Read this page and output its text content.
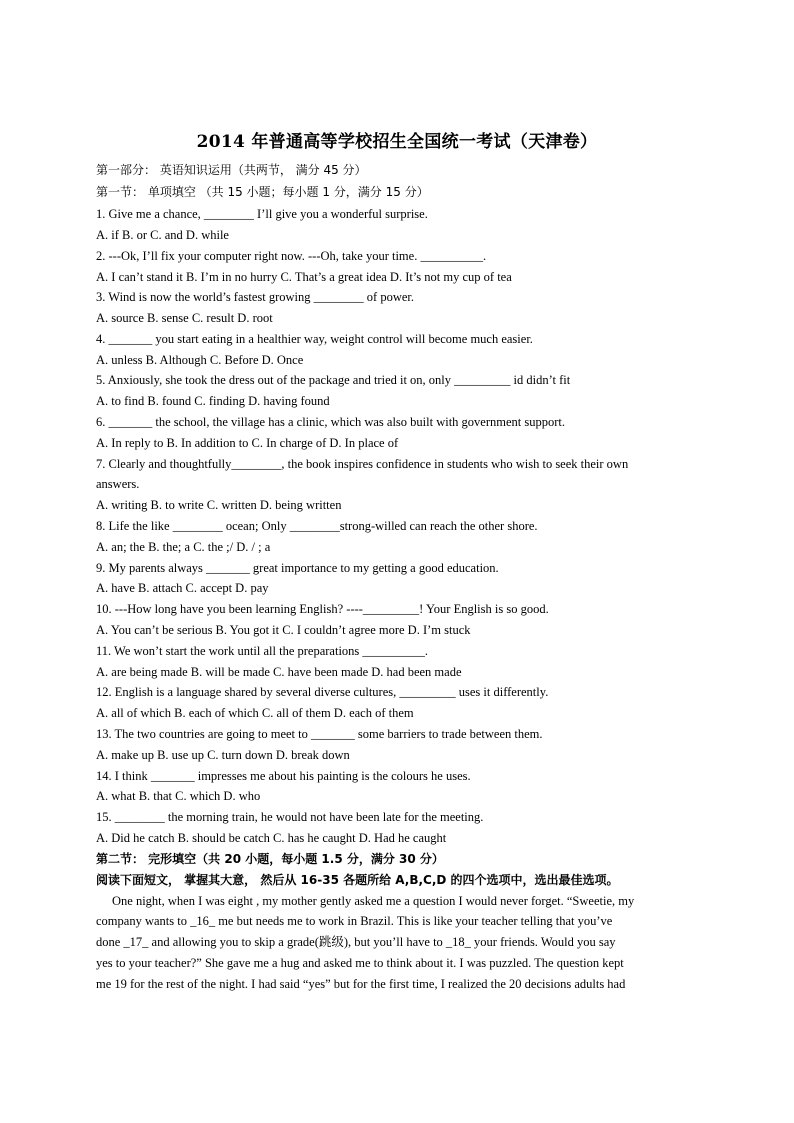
2014 年普通高等学校招生全国统一考试（天津卷）
第一部分： 英语知识运用（共两节， 满分 45 分）
第一节： 单项填空 （共 15 小题；每小题 1 分，满分 15 分）
1. Give me a chance, ________ I’ll give you a wonderful surprise.
A. if B. or C. and D. while
2. ---Ok, I’ll fix your computer right now. ---Oh, take your time. __________.
A. I can’t stand it B. I’m in no hurry C. That’s a great idea D. It’s not my cup of tea
3. Wind is now the world’s fastest growing ________ of power.
A. source B. sense C. result D. root
4. _______ you start eating in a healthier way, weight control will become much easier.
A. unless B. Although C. Before D. Once
5. Anxiously, she took the dress out of the package and tried it on, only _________ id didn’t fit
A. to find B. found C. finding D. having found
6. _______ the school, the village has a clinic, which was also built with government support.
A. In reply to B. In addition to C. In charge of D. In place of
7. Clearly and thoughtfully________, the book inspires confidence in students who wish to seek their own
answers.
A. writing B. to write C. written D. being written
8. Life the like ________ ocean; Only ________strong-willed can reach the other shore.
A. an; the B. the; a C. the ;/ D. / ; a
9. My parents always _______ great importance to my getting a good education.
A. have B. attach C. accept D. pay
10. ---How long have you been learning English? ----_________! Your English is so good.
A. You can’t be serious B. You got it C. I couldn’t agree more D. I’m stuck
11. We won’t start the work until all the preparations __________.
A. are being made B. will be made C. have been made D. had been made
12. English is a language shared by several diverse cultures, _________ uses it differently.
A. all of which B. each of which C. all of them D. each of them
13. The two countries are going to meet to _______ some barriers to trade between them.
A. make up B. use up C. turn down D. break down
14. I think _______ impresses me about his painting is the colours he uses.
A. what B. that C. which D. who
15. ________ the morning train, he would not have been late for the meeting.
A. Did he catch B. should be catch C. has he caught D. Had he caught
第二节： 完形填空（共 20 小题，每小题 1.5 分，满分 30 分）
阅读下面短文， 掌握其大意， 然后从 16-35 各题所给 A,B,C,D 的四个选项中，选出最佳选项。
One night, when I was eight , my mother gently asked me a question I would never forget. “Sweetie, my
company wants to _16_ me but needs me to work in Brazil. This is like your teacher telling that you’ve
done _17_ and allowing you to skip a grade(跳级), but you’ll have to _18_ your friends. Would you say
yes to your teacher?” She gave me a hug and asked me to think about it. I was puzzled. The question kept
me 19 for the rest of the night. I had said “yes” but for the first time, I realized the 20 decisions adults had
